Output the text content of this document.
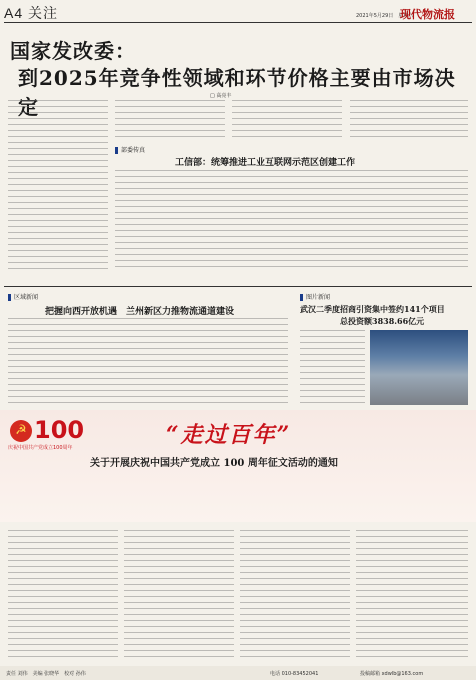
A4 关注	2021年5月29日　星期六
现代物流报
国家发改委：
到2025年竞争性领域和环节价格主要由市场决定	□ 高亮丰
部委传真
工信部：统筹推进工业互联网示范区创建工作
区域新闻
把握向西开放机遇　兰州新区力推物流通道建设
图片新闻
武汉二季度招商引资集中签约141个项目
总投资额3838.66亿元
☭ 100
庆祝中国共产党成立100周年	“走过百年”
关于开展庆祝中国共产党成立 100 周年征文活动的通知
责任 刘伟　美编 张晓华　校对 孙伟	电话 010-83452041	投稿邮箱 xdwlb@163.com
